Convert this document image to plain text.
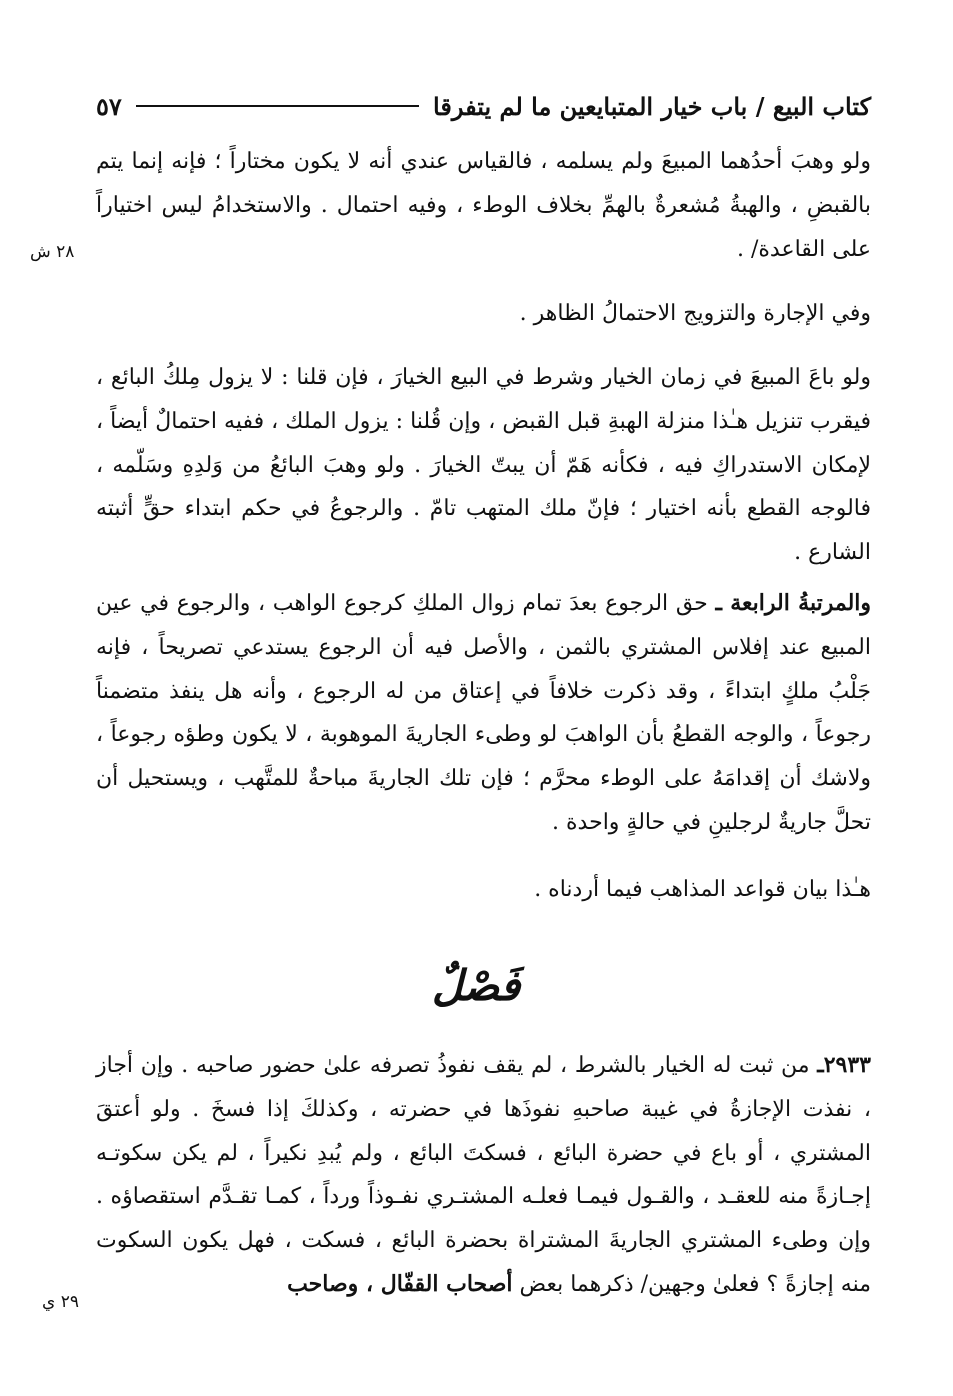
كتاب البيع / باب خيار المتبايعين ما لم يتفرقا
٥٧
٢٨ ش
٢٩ ي

ولو وهبَ أحدُهما المبيعَ ولم يسلمه ، فالقياس عندي أنه لا يكون مختاراً ؛ فإنه إنما يتم بالقبضِ ، والهبةُ مُشعرةٌ بالهمِّ بخلاف الوطء ، وفيه احتمال . والاستخدامُ ليس اختياراً على القاعدة/ .

وفي الإجارة والتزويج الاحتمالُ الظاهر .

ولو باعَ المبيعَ في زمان الخيار وشرط في البيع الخيارَ ، فإن قلنا : لا يزول مِلكُ البائع ، فيقرب تنزيل هـٰذا منزلة الهبةِ قبل القبض ، وإن قُلنا : يزول الملك ، ففيه احتمالٌ أيضاً ، لإمكان الاستدراكِ فيه ، فكأنه هَمّ أن يبتّ الخيارَ . ولو وهبَ البائعُ من وَلدِهِ وسَلّمه ، فالوجه القطع بأنه اختيار ؛ فإنّ ملك المتهب تامّ . والرجوعُ في حكم ابتداء حقٍّ أثبته الشارع .

والمرتبةُ الرابعة ـ حق الرجوع بعدَ تمام زوال الملكِ كرجوع الواهب ، والرجوع في عين المبيع عند إفلاس المشتري بالثمن ، والأصل فيه أن الرجوع يستدعي تصريحاً ، فإنه جَلْبُ ملكٍ ابتداءً ، وقد ذكرت خلافاً في إعتاق من له الرجوع ، وأنه هل ينفذ متضمناً رجوعاً ، والوجه القطعُ بأن الواهبَ لو وطىء الجاريةَ الموهوبة ، لا يكون وطؤه رجوعاً ، ولاشك أن إقدامَهُ على الوطء محرَّم ؛ فإن تلك الجاريةَ مباحةٌ للمتَّهب ، ويستحيل أن تحلَّ جاريةٌ لرجلينِ في حالةٍ واحدة .

هـٰذا بيان قواعد المذاهب فيما أردناه .

فَصْلٌ

٢٩٣٣ـ من ثبت له الخيار بالشرط ، لم يقف نفوذُ تصرفه علىٰ حضور صاحبه . وإن أجاز ، نفذت الإجازةُ في غيبة صاحبهِ نفوذَها في حضرته ، وكذلكَ إذا فسخَ . ولو أعتقَ المشتري ، أو باع في حضرة البائع ، فسكتَ البائع ، ولم يُبدِ نكيراً ، لم يكن سكوتـه إجـازةً منه للعقـد ، والقـول فيمـا فعلـه المشتـري نفـوذاً ورداً ، كمـا تقـدَّم استقصاؤه . وإن وطىء المشتري الجاريةَ المشتراة بحضرة البائع ، فسكت ، فهل يكون السكوت منه إجازةً ؟ فعلىٰ وجهين/ ذكرهما بعض أصحاب القفّال ، وصاحب
